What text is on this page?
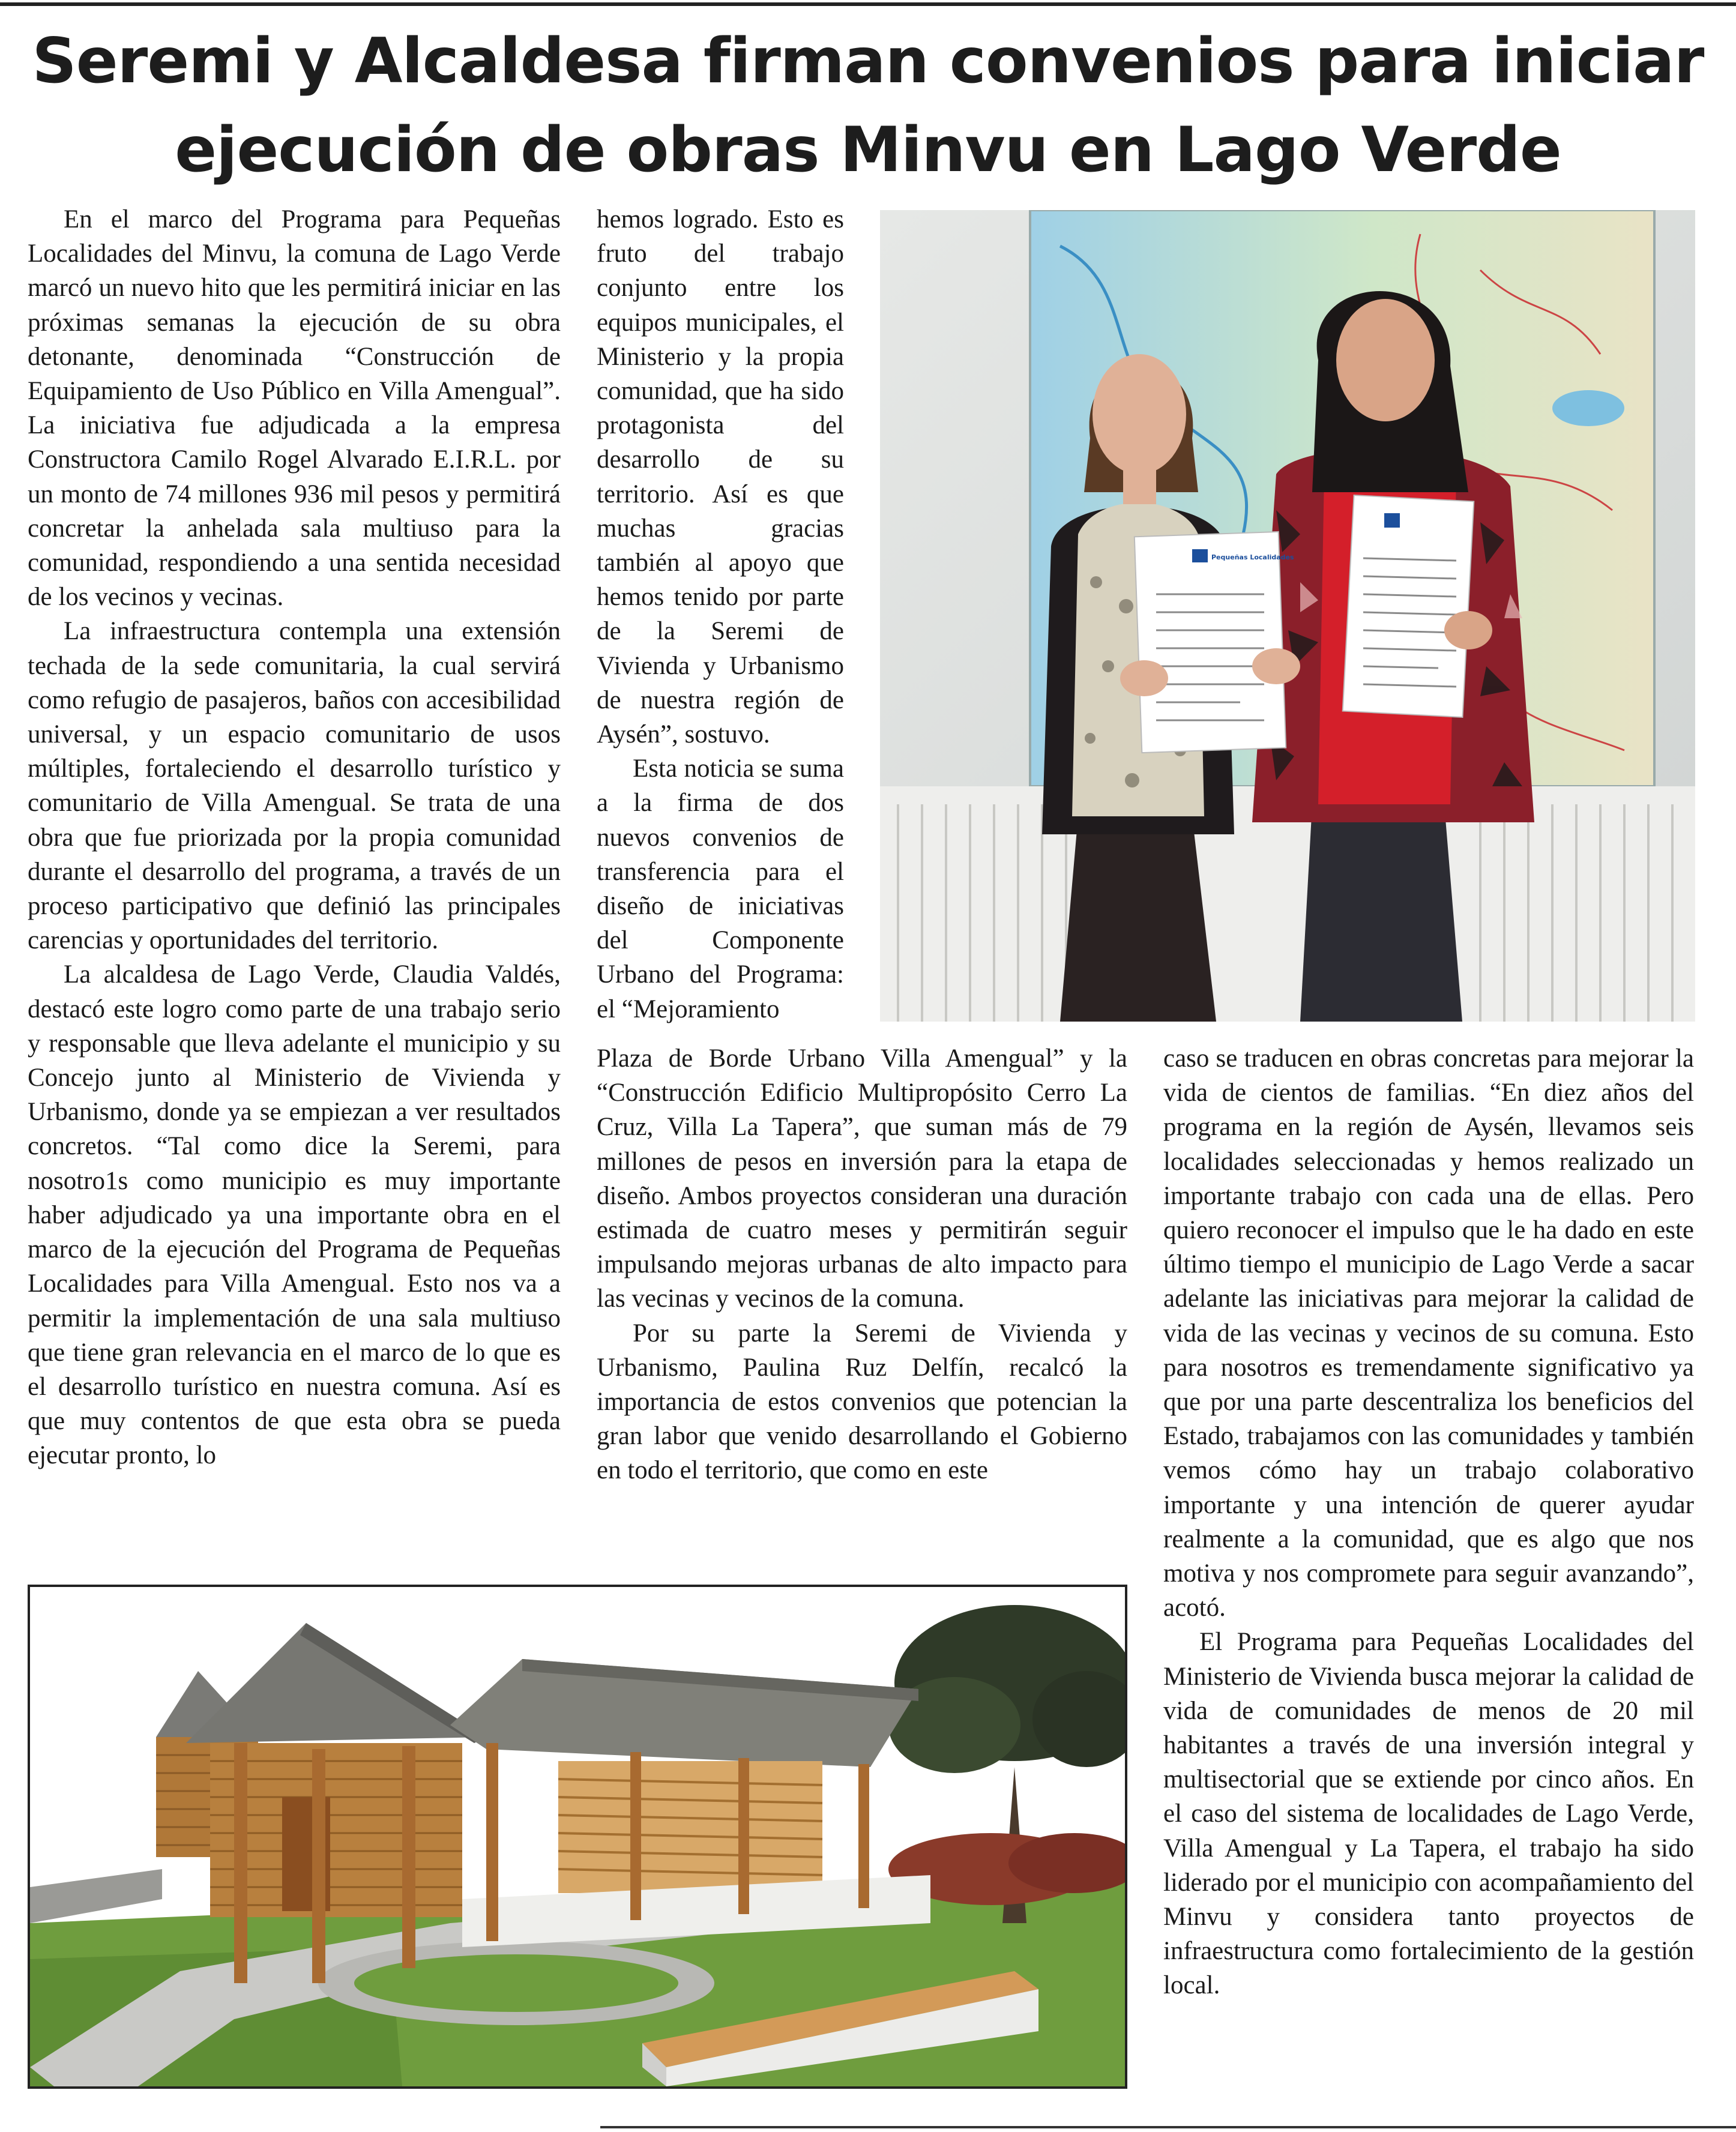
Seremi y Alcaldesa firman convenios para iniciar
ejecución de obras Minvu en Lago Verde

En el marco del Programa para Pequeñas Localidades del Minvu, la comuna de Lago Verde marcó un nuevo hito que les permitirá iniciar en las próximas semanas la ejecución de su obra detonante, denominada “Construcción de Equipamiento de Uso Público en Villa Amengual”. La iniciativa fue adjudicada a la empresa Constructora Camilo Rogel Alvarado E.I.R.L. por un monto de 74 millones 936 mil pesos y permitirá concretar la anhelada sala multiuso para la comunidad, respondiendo a una sentida necesidad de los vecinos y vecinas.

La infraestructura contempla una extensión techada de la sede comunitaria, la cual servirá como refugio de pasajeros, baños con accesibilidad universal, y un espacio comunitario de usos múltiples, fortaleciendo el desarrollo turístico y comunitario de Villa Amengual. Se trata de una obra que fue priorizada por la propia comunidad durante el desarrollo del programa, a través de un proceso participativo que definió las principales carencias y oportunidades del territorio.

La alcaldesa de Lago Verde, Claudia Valdés, destacó este logro como parte de una trabajo serio y responsable que lleva adelante el municipio y su Concejo junto al Ministerio de Vivienda y Urbanismo, donde ya se empiezan a ver resultados concretos. “Tal como dice la Seremi, para nosotro1s como municipio es muy importante haber adjudicado ya una importante obra en el marco de la ejecución del Programa de Pequeñas Localidades para Villa Amengual. Esto nos va a permitir la implementación de una sala multiuso que tiene gran relevancia en el marco de lo que es el desarrollo turístico en nuestra comuna. Así es que muy contentos de que esta obra se pueda ejecutar pronto, lo

hemos logrado. Esto es fruto del trabajo conjunto entre los equipos municipales, el Ministerio y la propia comunidad, que ha sido protagonista del desarrollo de su territorio. Así es que muchas gracias también al apoyo que hemos tenido por parte de la Seremi de Vivienda y Urbanismo de nuestra región de Aysén”, sostuvo.

Esta noticia se suma a la firma de dos nuevos convenios de transferencia para el diseño de iniciativas del Componente Urbano del Programa: el “Mejoramiento

Plaza de Borde Urbano Villa Amengual” y la “Construcción Edificio Multipropósito Cerro La Cruz, Villa La Tapera”, que suman más de 79 millones de pesos en inversión para la etapa de diseño. Ambos proyectos consideran una duración estimada de cuatro meses y permitirán seguir impulsando mejoras urbanas de alto impacto para las vecinas y vecinos de la comuna.

Por su parte la Seremi de Vivienda y Urbanismo, Paulina Ruz Delfín, recalcó la importancia de estos convenios que potencian la gran labor que venido desarrollando el Gobierno en todo el territorio, que como en este

caso se traducen en obras concretas para mejorar la vida de cientos de familias. “En diez años del programa en la región de Aysén, llevamos seis localidades seleccionadas y hemos realizado un importante trabajo con cada una de ellas. Pero quiero reconocer el impulso que le ha dado en este último tiempo el municipio de Lago Verde a sacar adelante las iniciativas para mejorar la calidad de vida de las vecinas y vecinos de su comuna. Esto para nosotros es tremendamente significativo ya que por una parte descentraliza los beneficios del Estado, trabajamos con las comunidades y también vemos cómo hay un trabajo colaborativo importante y una intención de querer ayudar realmente a la comunidad, que es algo que nos motiva y nos compromete para seguir avanzando”, acotó.

El Programa para Pequeñas Localidades del Ministerio de Vivienda busca mejorar la calidad de vida de comunidades de menos de 20 mil habitantes a través de una inversión integral y multisectorial que se extiende por cinco años. En el caso del sistema de localidades de Lago Verde, Villa Amengual y La Tapera, el trabajo ha sido liderado por el municipio con acompañamiento del Minvu y considera tanto proyectos de infraestructura como fortalecimiento de la gestión local.

Pequeñas Localidades
